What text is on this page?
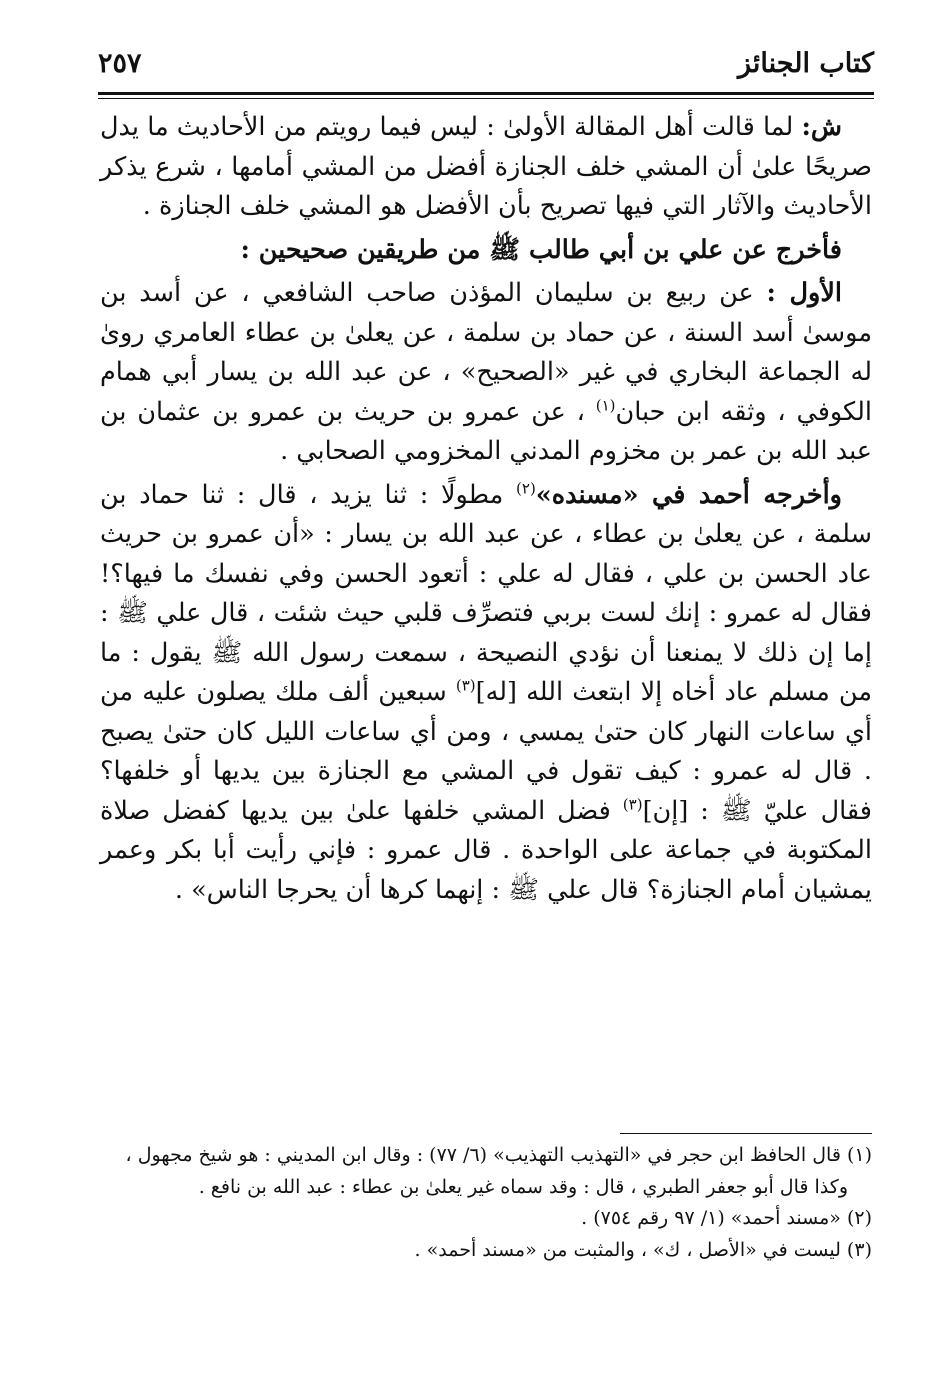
كتاب الجنائز
٢٥٧

ش: لما قالت أهل المقالة الأولىٰ : ليس فيما رويتم من الأحاديث ما يدل صريحًا علىٰ أن المشي خلف الجنازة أفضل من المشي أمامها ، شرع يذكر الأحاديث والآثار التي فيها تصريح بأن الأفضل هو المشي خلف الجنازة .

فأخرج عن علي بن أبي طالب ﷺ من طريقين صحيحين :

الأول : عن ربيع بن سليمان المؤذن صاحب الشافعي ، عن أسد بن موسىٰ أسد السنة ، عن حماد بن سلمة ، عن يعلىٰ بن عطاء العامري روىٰ له الجماعة البخاري في غير «الصحيح» ، عن عبد الله بن يسار أبي همام الكوفي ، وثقه ابن حبان$^{(١)}$ ، عن عمرو بن حريث بن عمرو بن عثمان بن عبد الله بن عمر بن مخزوم المدني المخزومي الصحابي .

وأخرجه أحمد في «مسنده»$^{(٢)}$ مطولًا : ثنا يزيد ، قال : ثنا حماد بن سلمة ، عن يعلىٰ بن عطاء ، عن عبد الله بن يسار : «أن عمرو بن حريث عاد الحسن بن علي ، فقال له علي : أتعود الحسن وفي نفسك ما فيها؟! فقال له عمرو : إنك لست بربي فتصرِّف قلبي حيث شئت ، قال علي ﷺ : إما إن ذلك لا يمنعنا أن نؤدي النصيحة ، سمعت رسول الله ﷺ يقول : ما من مسلم عاد أخاه إلا ابتعث الله [له]$^{(٣)}$ سبعين ألف ملك يصلون عليه من أي ساعات النهار كان حتىٰ يمسي ، ومن أي ساعات الليل كان حتىٰ يصبح . قال له عمرو : كيف تقول في المشي مع الجنازة بين يديها أو خلفها؟ فقال عليّ ﷺ : [إن]$^{(٣)}$ فضل المشي خلفها علىٰ بين يديها كفضل صلاة المكتوبة في جماعة على الواحدة . قال عمرو : فإني رأيت أبا بكر وعمر يمشيان أمام الجنازة؟ قال علي ﷺ : إنهما كرها أن يحرجا الناس» .

(١) قال الحافظ ابن حجر في «التهذيب التهذيب» (٦/ ٧٧) : وقال ابن المديني : هو شيخ مجهول ،

وكذا قال أبو جعفر الطبري ، قال : وقد سماه غير يعلىٰ بن عطاء : عبد الله بن نافع .

(٢) «مسند أحمد» (١/ ٩٧ رقم ٧٥٤) .

(٣) ليست في «الأصل ، ك» ، والمثبت من «مسند أحمد» .
